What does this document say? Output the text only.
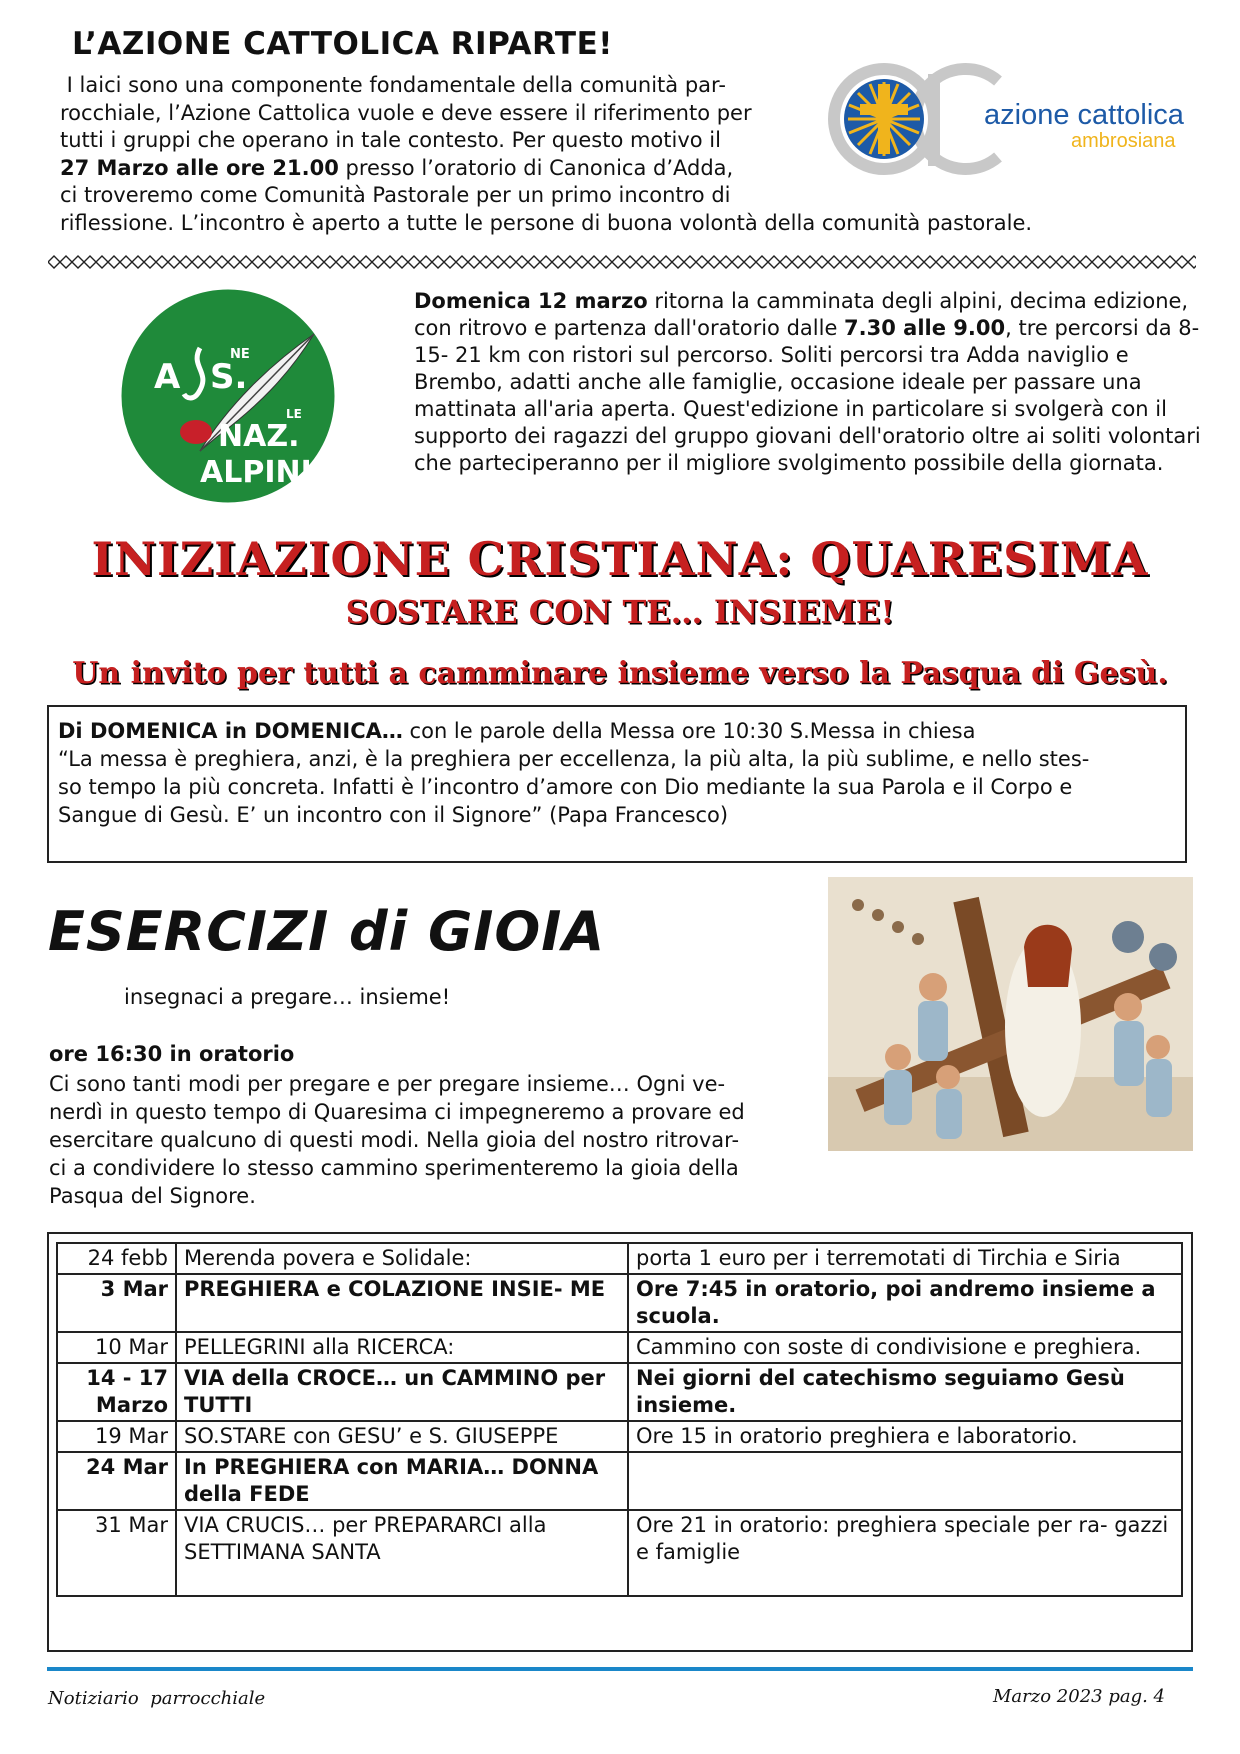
L’AZIONE CATTOLICA RIPARTE!

I laici sono una componente fondamentale della comunità par-

rocchiale, l’Azione Cattolica vuole e deve essere il riferimento per

tutti i gruppi che operano in tale contesto. Per questo motivo il

27 Marzo alle ore 21.00 presso l’oratorio di Canonica d’Adda,

ci troveremo come Comunità Pastorale per un primo incontro di

riflessione. L’incontro è aperto a tutte le persone di buona volontà della comunità pastorale.

azione cattolica
ambrosiana
A S.
NE
NAZ.
LE
ALPINI
Domenica 12 marzo ritorna la camminata degli alpini, decima edizione, con ritrovo e partenza dall'oratorio dalle 7.30 alle 9.00, tre percorsi da 8-15- 21 km con ristori sul percorso. Soliti percorsi tra Adda naviglio e Brembo, adatti anche alle famiglie, occasione ideale per passare una mattinata all'aria aperta. Quest'edizione in particolare si svolgerà con il supporto dei ragazzi del gruppo giovani dell'oratorio oltre ai soliti volontari che parteciperanno per il migliore svolgimento possibile della giornata.
INIZIAZIONE CRISTIANA: QUARESIMA
SOSTARE CON TE… INSIEME!
Un invito per tutti a camminare insieme verso la Pasqua di Gesù.
Di DOMENICA in DOMENICA… con le parole della Messa ore 10:30 S.Messa in chiesa
“La messa è preghiera, anzi, è la preghiera per eccellenza, la più alta, la più sublime, e nello stes-
so tempo la più concreta. Infatti è l’incontro d’amore con Dio mediante la sua Parola e il Corpo e
Sangue di Gesù. E’ un incontro con il Signore” (Papa Francesco)
ESERCIZI di GIOIA
insegnaci a pregare… insieme!
ore 16:30 in oratorio
Ci sono tanti modi per pregare e per pregare insieme… Ogni ve-
nerdì in questo tempo di Quaresima ci impegneremo a provare ed
esercitare qualcuno di questi modi. Nella gioia del nostro ritrovar-
ci a condividere lo stesso cammino sperimenteremo la gioia della
Pasqua del Signore.
24 febb	Merenda povera e Solidale:	porta 1 euro per i terremotati di Tirchia e Siria
3 Mar	PREGHIERA e COLAZIONE INSIE- ME	Ore 7:45 in oratorio, poi andremo insieme a scuola.
10 Mar	PELLEGRINI alla RICERCA:	Cammino con soste di condivisione e preghiera.
14 - 17 Marzo	VIA della CROCE… un CAMMINO per TUTTI	Nei giorni del catechismo seguiamo Gesù insieme.
19 Mar	SO.STARE con GESU’ e S. GIUSEPPE	Ore 15 in oratorio preghiera e laboratorio.
24 Mar	In PREGHIERA con MARIA… DONNA della FEDE	
31 Mar	VIA CRUCIS… per PREPARARCI alla SETTIMANA SANTA	Ore 21 in oratorio: preghiera speciale per ra- gazzi e famiglie
Notiziario  parrocchiale	Marzo 2023 pag. 4
